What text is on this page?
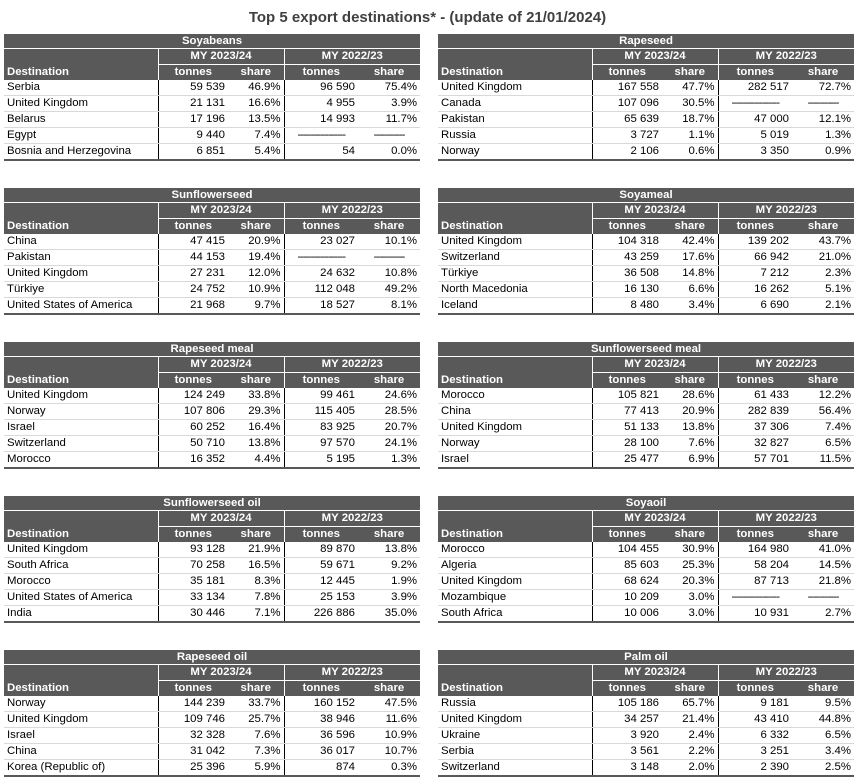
Top 5 export destinations* - (update of 21/01/2024)
Soyabeans				
Destination	MY 2023/24		MY 2022/23	
	tonnes	share	tonnes	share
Serbia	59 539	46.9%	96 590	75.4%
United Kingdom	21 131	16.6%	4 955	3.9%
Belarus	17 196	13.5%	14 993	11.7%
Egypt	9 440	7.4%	-----------------	-----------
Bosnia and Herzegovina	6 851	5.4%	54	0.0%
Rapeseed				
Destination	MY 2023/24		MY 2022/23	
	tonnes	share	tonnes	share
United Kingdom	167 558	47.7%	282 517	72.7%
Canada	107 096	30.5%	-----------------	-----------
Pakistan	65 639	18.7%	47 000	12.1%
Russia	3 727	1.1%	5 019	1.3%
Norway	2 106	0.6%	3 350	0.9%
Sunflowerseed				
Destination	MY 2023/24		MY 2022/23	
	tonnes	share	tonnes	share
China	47 415	20.9%	23 027	10.1%
Pakistan	44 153	19.4%	-----------------	-----------
United Kingdom	27 231	12.0%	24 632	10.8%
Türkiye	24 752	10.9%	112 048	49.2%
United States of America	21 968	9.7%	18 527	8.1%
Soyameal				
Destination	MY 2023/24		MY 2022/23	
	tonnes	share	tonnes	share
United Kingdom	104 318	42.4%	139 202	43.7%
Switzerland	43 259	17.6%	66 942	21.0%
Türkiye	36 508	14.8%	7 212	2.3%
North Macedonia	16 130	6.6%	16 262	5.1%
Iceland	8 480	3.4%	6 690	2.1%
Rapeseed meal				
Destination	MY 2023/24		MY 2022/23	
	tonnes	share	tonnes	share
United Kingdom	124 249	33.8%	99 461	24.6%
Norway	107 806	29.3%	115 405	28.5%
Israel	60 252	16.4%	83 925	20.7%
Switzerland	50 710	13.8%	97 570	24.1%
Morocco	16 352	4.4%	5 195	1.3%
Sunflowerseed meal				
Destination	MY 2023/24		MY 2022/23	
	tonnes	share	tonnes	share
Morocco	105 821	28.6%	61 433	12.2%
China	77 413	20.9%	282 839	56.4%
United Kingdom	51 133	13.8%	37 306	7.4%
Norway	28 100	7.6%	32 827	6.5%
Israel	25 477	6.9%	57 701	11.5%
Sunflowerseed oil				
Destination	MY 2023/24		MY 2022/23	
	tonnes	share	tonnes	share
United Kingdom	93 128	21.9%	89 870	13.8%
South Africa	70 258	16.5%	59 671	9.2%
Morocco	35 181	8.3%	12 445	1.9%
United States of America	33 134	7.8%	25 153	3.9%
India	30 446	7.1%	226 886	35.0%
Soyaoil				
Destination	MY 2023/24		MY 2022/23	
	tonnes	share	tonnes	share
Morocco	104 455	30.9%	164 980	41.0%
Algeria	85 603	25.3%	58 204	14.5%
United Kingdom	68 624	20.3%	87 713	21.8%
Mozambique	10 209	3.0%	-----------------	-----------
South Africa	10 006	3.0%	10 931	2.7%
Rapeseed oil				
Destination	MY 2023/24		MY 2022/23	
	tonnes	share	tonnes	share
Norway	144 239	33.7%	160 152	47.5%
United Kingdom	109 746	25.7%	38 946	11.6%
Israel	32 328	7.6%	36 596	10.9%
China	31 042	7.3%	36 017	10.7%
Korea (Republic of)	25 396	5.9%	874	0.3%
Palm oil				
Destination	MY 2023/24		MY 2022/23	
	tonnes	share	tonnes	share
Russia	105 186	65.7%	9 181	9.5%
United Kingdom	34 257	21.4%	43 410	44.8%
Ukraine	3 920	2.4%	6 332	6.5%
Serbia	3 561	2.2%	3 251	3.4%
Switzerland	3 148	2.0%	2 390	2.5%
